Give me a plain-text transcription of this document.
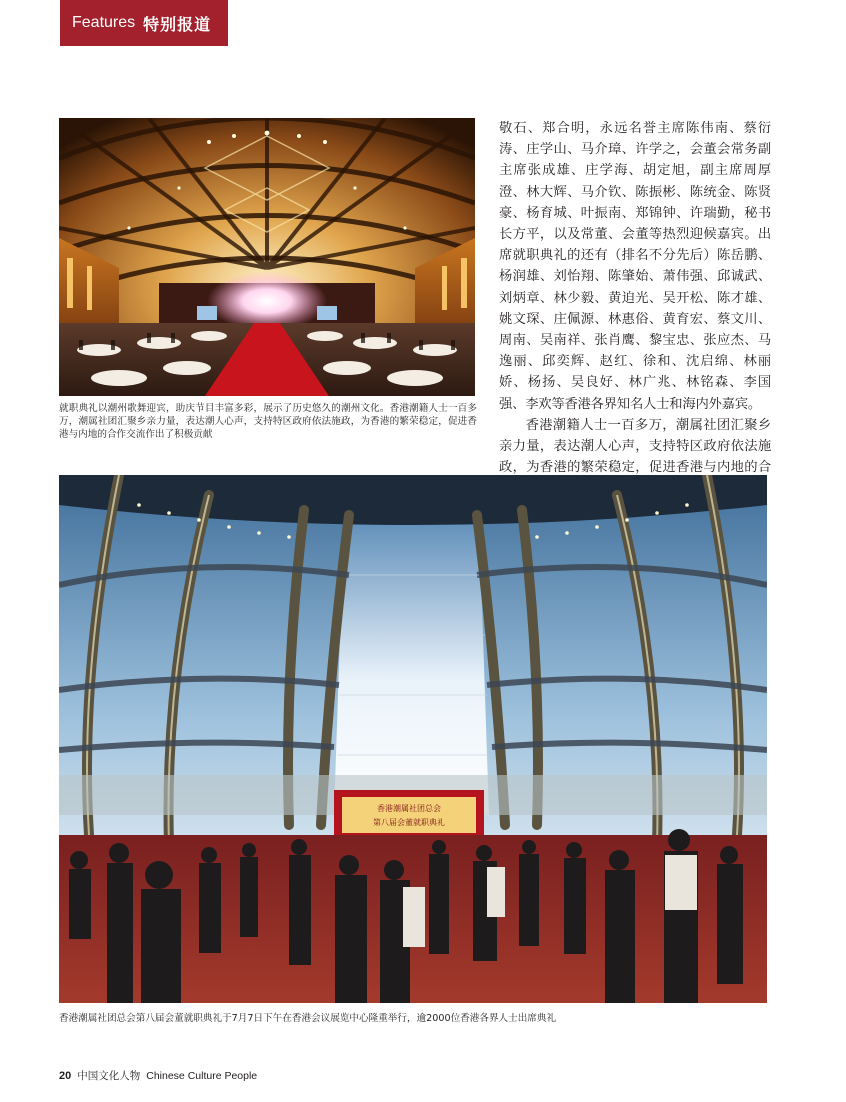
Features 特别报道
就职典礼以潮州歌舞迎宾，助庆节目丰富多彩，展示了历史悠久的潮州文化。香港潮籍人士一百多万，潮属社团汇聚乡亲力量，表达潮人心声，支持特区政府依法施政，为香港的繁荣稳定，促进香港与内地的合作交流作出了积极贡献

敬石、郑合明，永远名誉主席陈伟南、蔡衍涛、庄学山、马介璋、许学之，会董会常务副主席张成雄、庄学海、胡定旭，副主席周厚澄、林大辉、马介钦、陈振彬、陈统金、陈贤豪、杨育城、叶振南、郑锦钟、许瑞勤，秘书长方平，以及常董、会董等热烈迎候嘉宾。出席就职典礼的还有（排名不分先后）陈岳鹏、杨润雄、刘怡翔、陈肇始、萧伟强、邱诚武、刘炳章、林少毅、黄迫光、吴开松、陈才雄、姚文琛、庄佩源、林惠俗、黄育宏、蔡文川、周南、吴南祥、张肖鹰、黎宝忠、张应杰、马逸丽、邱奕辉、赵红、徐和、沈启绵、林丽娇、杨扬、吴良好、林广兆、林铭森、李国强、李欢等香港各界知名人士和海内外嘉宾。

香港潮籍人士一百多万，潮属社团汇聚乡亲力量，表达潮人心声，支持特区政府依法施政，为香港的繁荣稳定，促进香港与内地的合

香港潮属社团总会
第八届会董就职典礼
香港潮属社团总会第八届会董就职典礼于7月7日下午在香港会议展览中心隆重举行，逾2000位香港各界人士出席典礼
20 中国文化人物 Chinese Culture People
